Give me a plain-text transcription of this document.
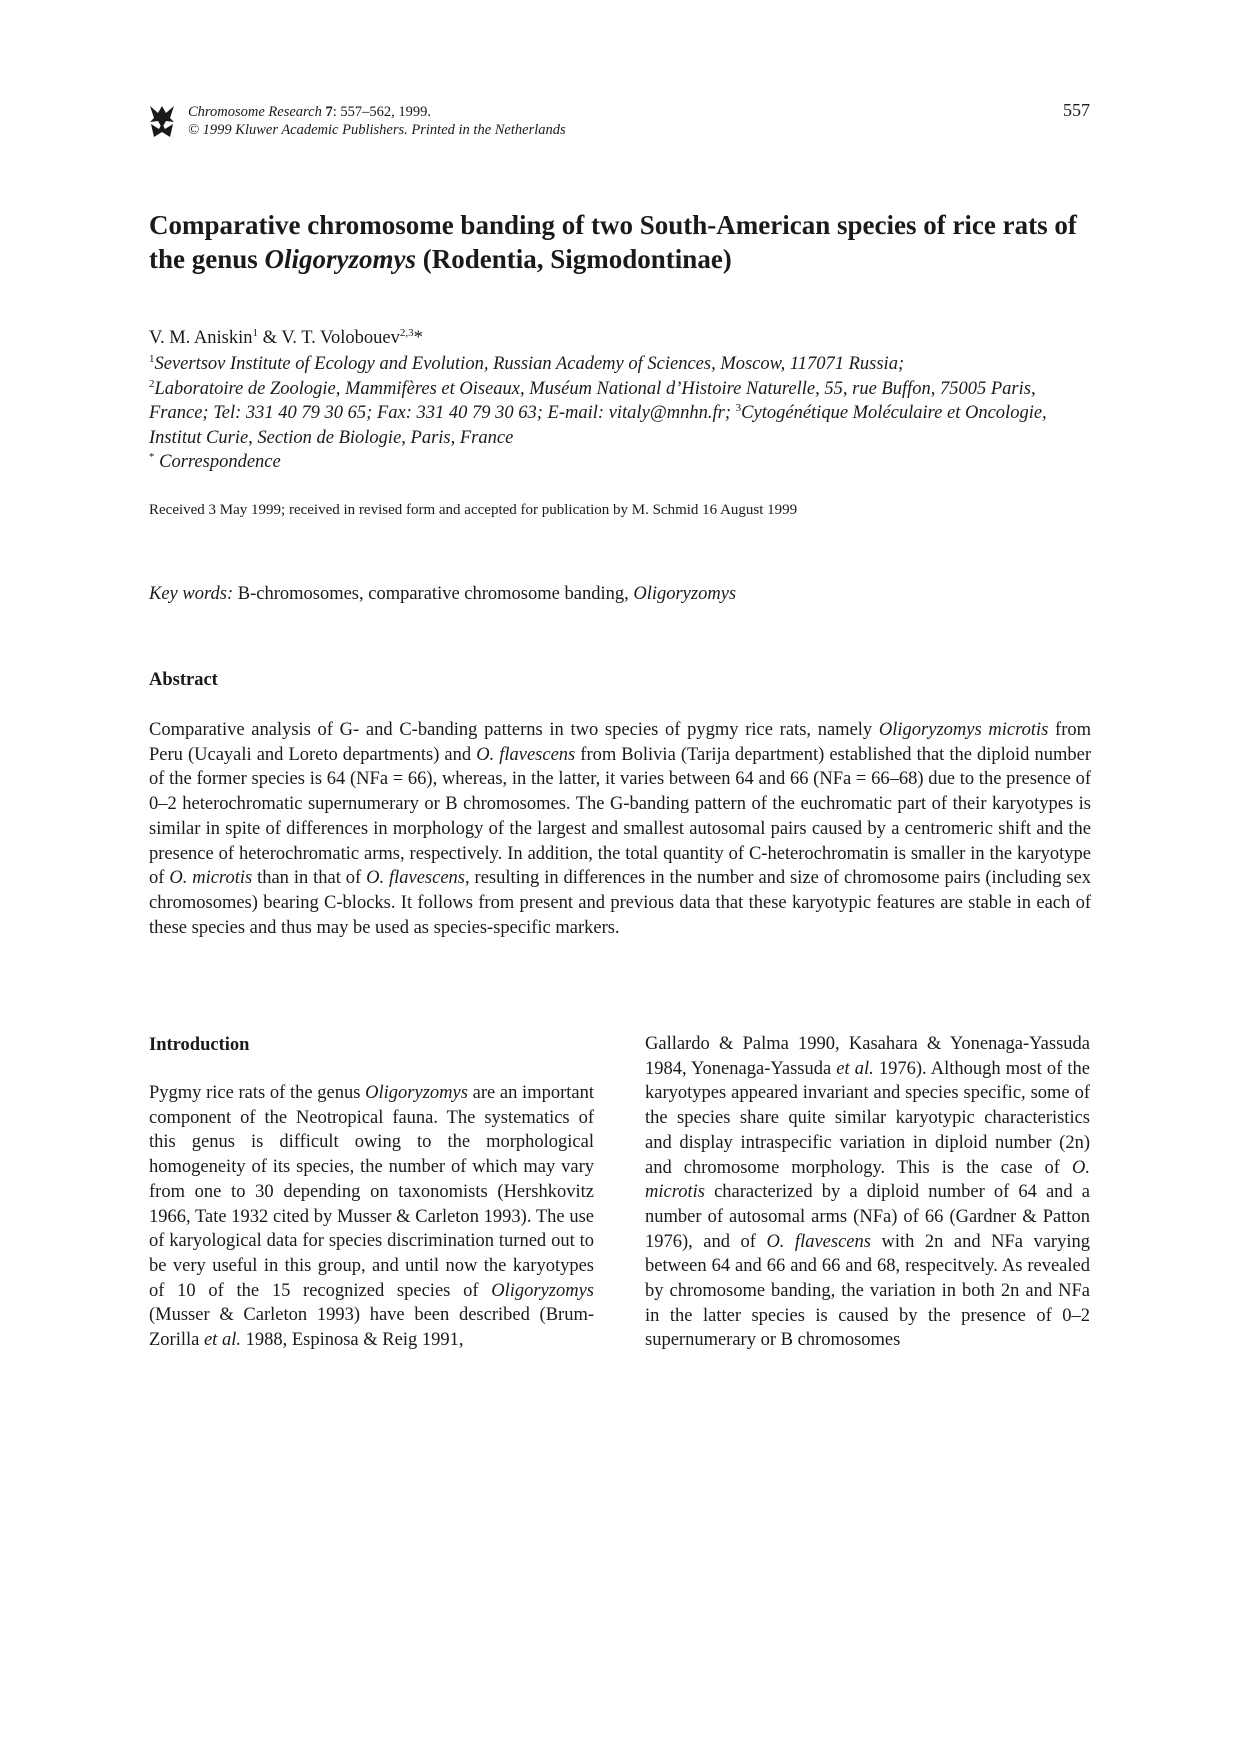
Chromosome Research 7: 557–562, 1999.
© 1999 Kluwer Academic Publishers. Printed in the Netherlands
557
Comparative chromosome banding of two South-American species of rice rats of the genus Oligoryzomys (Rodentia, Sigmodontinae)
V. M. Aniskin$^1$ & V. T. Volobouev$^{2,3}$*
$^1$Severtsov Institute of Ecology and Evolution, Russian Academy of Sciences, Moscow, 117071 Russia;
$^2$Laboratoire de Zoologie, Mammifères et Oiseaux, Muséum National d’Histoire Naturelle, 55, rue Buffon, 75005 Paris, France; Tel: 331 40 79 30 65; Fax: 331 40 79 30 63; E-mail: vitaly@mnhn.fr; $^3$Cytogénétique Moléculaire et Oncologie, Institut Curie, Section de Biologie, Paris, France
* Correspondence
Received 3 May 1999; received in revised form and accepted for publication by M. Schmid 16 August 1999
Key words: B-chromosomes, comparative chromosome banding, Oligoryzomys
Abstract

Comparative analysis of G- and C-banding patterns in two species of pygmy rice rats, namely Oligoryzomys microtis from Peru (Ucayali and Loreto departments) and O. flavescens from Bolivia (Tarija department) established that the diploid number of the former species is 64 (NFa = 66), whereas, in the latter, it varies between 64 and 66 (NFa = 66–68) due to the presence of 0–2 heterochromatic supernumerary or B chromosomes. The G-banding pattern of the euchromatic part of their karyotypes is similar in spite of differences in morphology of the largest and smallest autosomal pairs caused by a centromeric shift and the presence of heterochromatic arms, respectively. In addition, the total quantity of C-heterochromatin is smaller in the karyotype of O. microtis than in that of O. flavescens, resulting in differences in the number and size of chromosome pairs (including sex chromosomes) bearing C-blocks. It follows from present and previous data that these karyotypic features are stable in each of these species and thus may be used as species-specific markers.

Introduction

Pygmy rice rats of the genus Oligoryzomys are an important component of the Neotropical fauna. The systematics of this genus is difficult owing to the morphological homogeneity of its species, the number of which may vary from one to 30 depending on taxonomists (Hershkovitz 1966, Tate 1932 cited by Musser & Carleton 1993). The use of karyological data for species discrimination turned out to be very useful in this group, and until now the karyotypes of 10 of the 15 recognized species of Oligoryzomys (Musser & Carleton 1993) have been described (Brum-Zorilla et al. 1988, Espinosa & Reig 1991,

Gallardo & Palma 1990, Kasahara & Yonenaga-Yassuda 1984, Yonenaga-Yassuda et al. 1976). Although most of the karyotypes appeared invariant and species specific, some of the species share quite similar karyotypic characteristics and display intraspecific variation in diploid number (2n) and chromosome morphology. This is the case of O. microtis characterized by a diploid number of 64 and a number of autosomal arms (NFa) of 66 (Gardner & Patton 1976), and of O. flavescens with 2n and NFa varying between 64 and 66 and 66 and 68, respecitvely. As revealed by chromosome banding, the variation in both 2n and NFa in the latter species is caused by the presence of 0–2 supernumerary or B chromosomes
